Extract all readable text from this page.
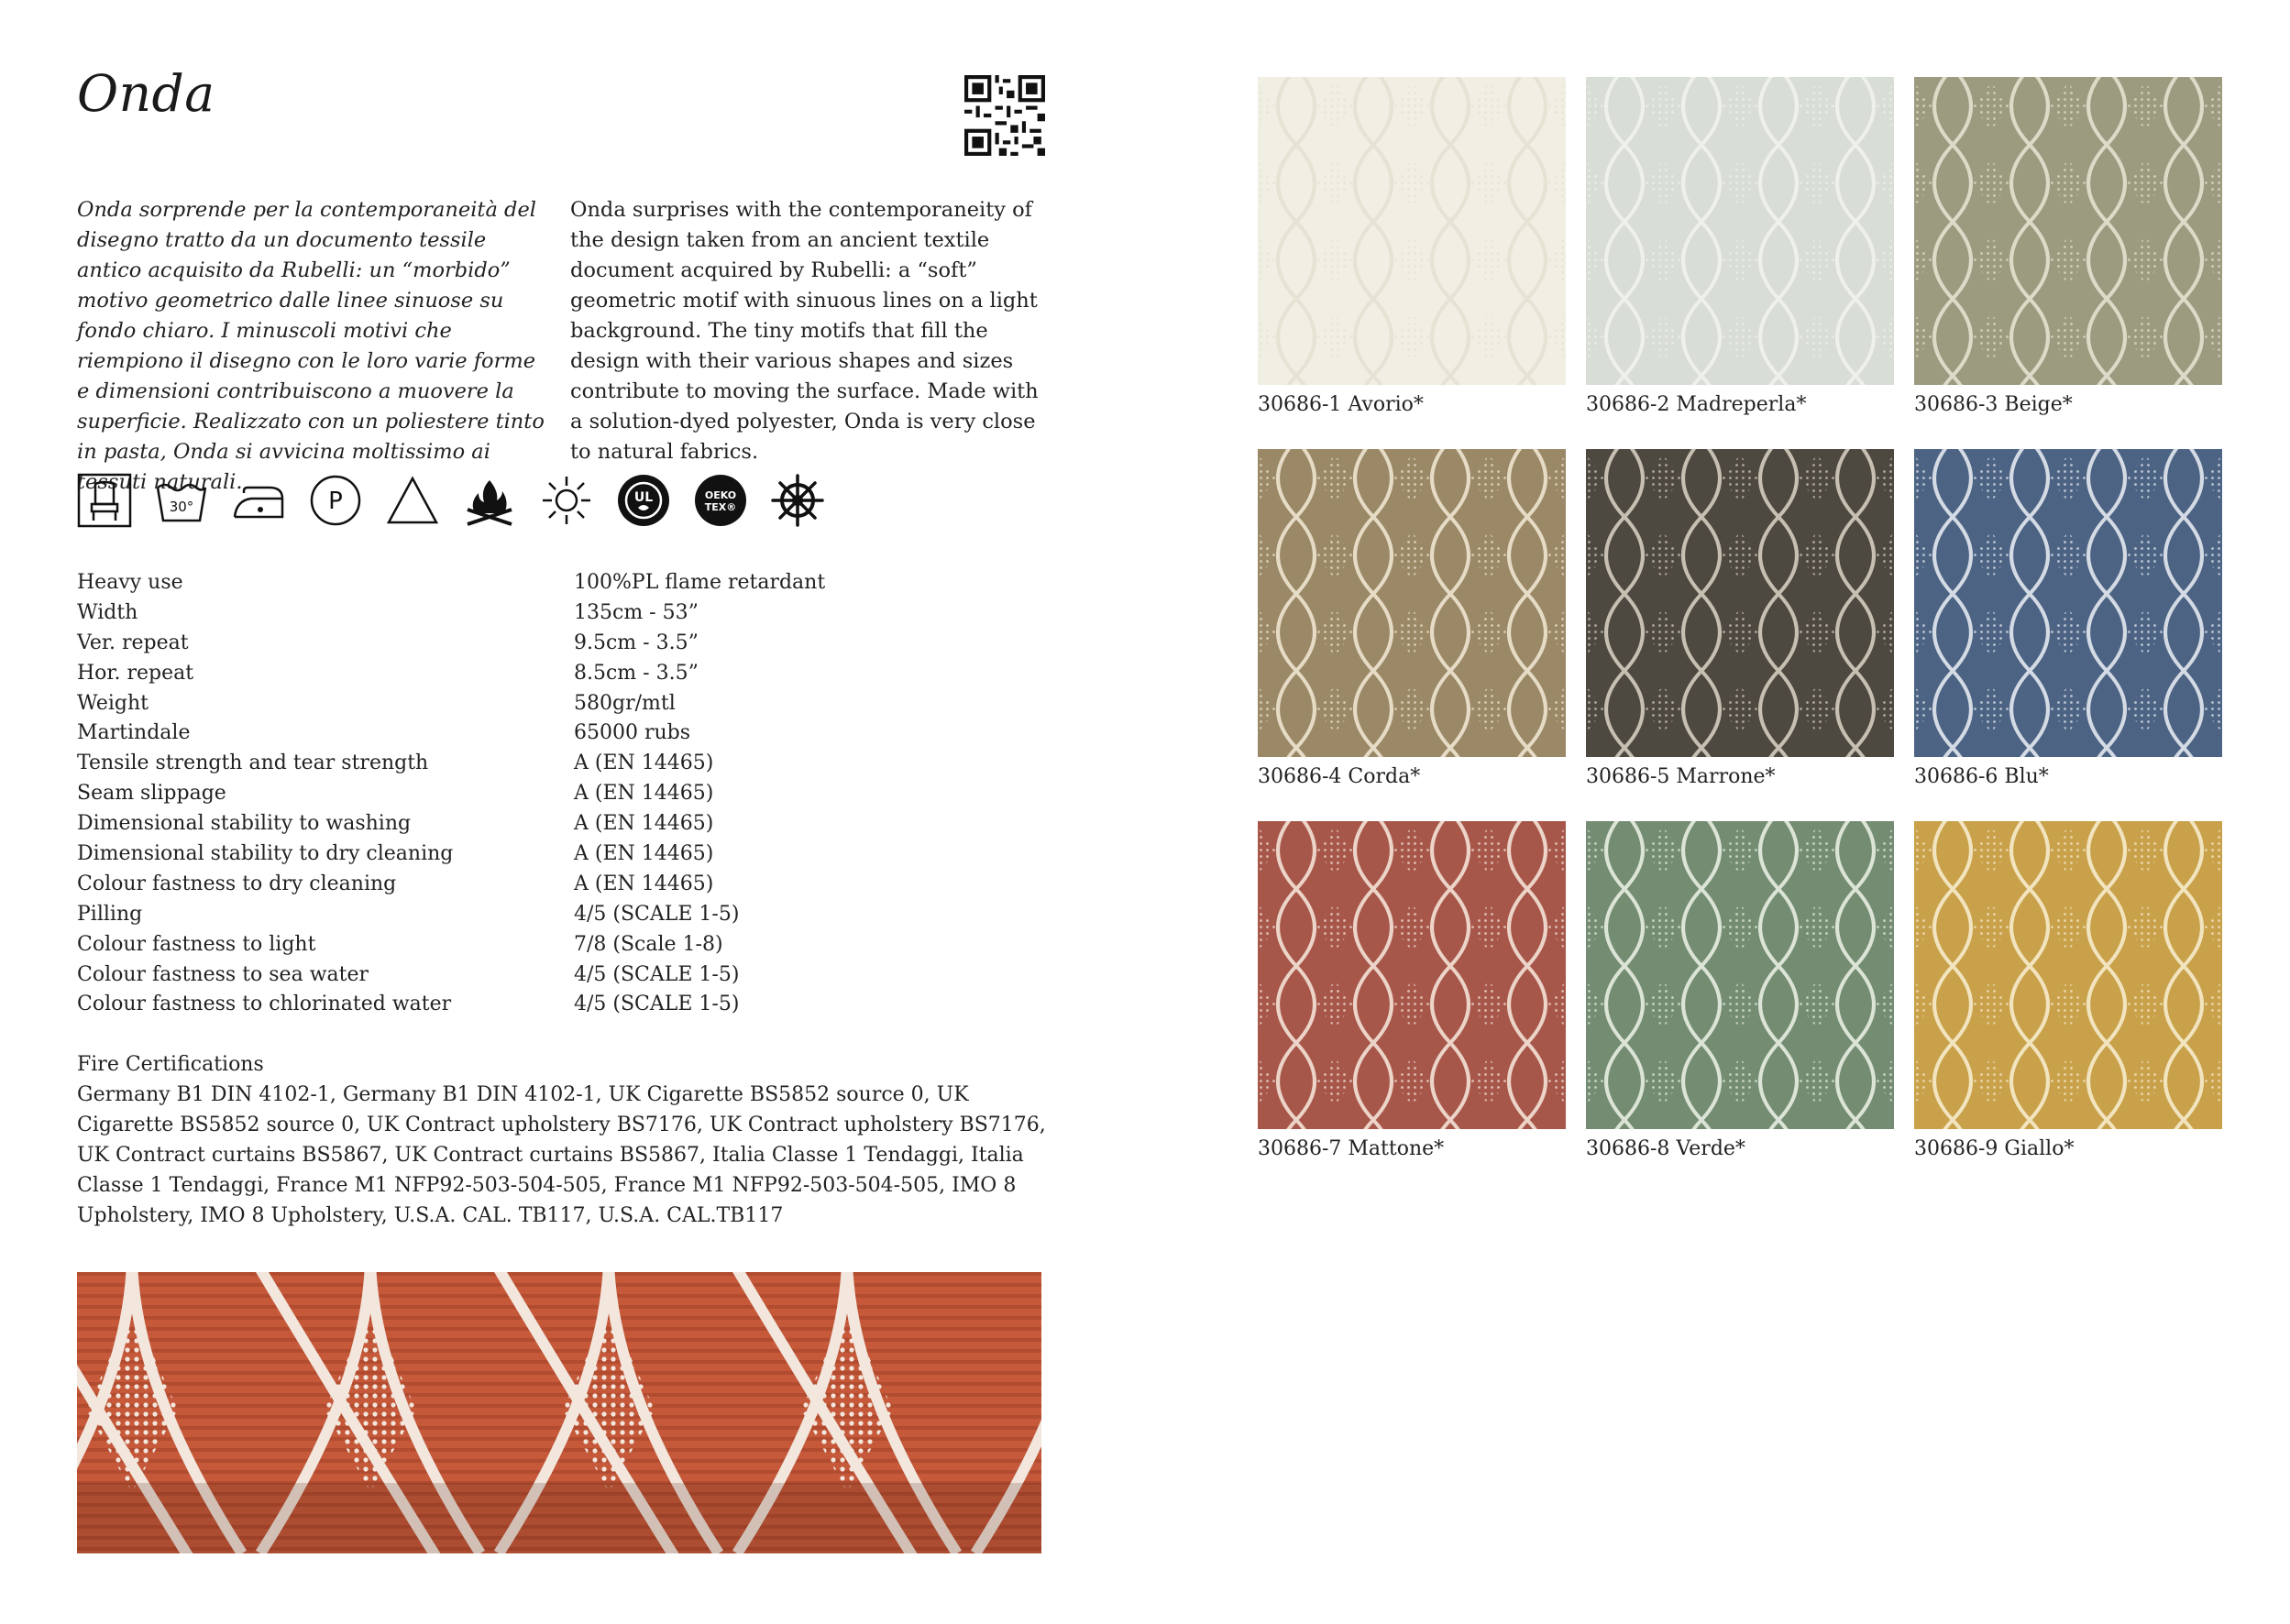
Onda
Onda sorprende per la contemporaneità del disegno tratto da un documento tessile antico acquisito da Rubelli: un “morbido” motivo geometrico dalle linee sinuose su fondo chiaro. I minuscoli motivi che riempiono il disegno con le loro varie forme e dimensioni contribuiscono a muovere la superficie. Realizzato con un poliestere tinto in pasta, Onda si avvicina moltissimo ai tessuti naturali.
Onda surprises with the contemporaneity of the design taken from an ancient textile document acquired by Rubelli: a “soft” geometric motif with sinuous lines on a light background. The tiny motifs that fill the design with their various shapes and sizes contribute to moving the surface. Made with a solution-dyed polyester, Onda is very close to natural fabrics.
30°	P	UL	OEKO
TEX®
Heavy use	100%PL flame retardant
Width	135cm - 53”
Ver. repeat	9.5cm - 3.5”
Hor. repeat	8.5cm - 3.5”
Weight	580gr/mtl
Martindale	65000 rubs
Tensile strength and tear strength	A (EN 14465)
Seam slippage	A (EN 14465)
Dimensional stability to washing	A (EN 14465)
Dimensional stability to dry cleaning	A (EN 14465)
Colour fastness to dry cleaning	A (EN 14465)
Pilling	4/5 (SCALE 1-5)
Colour fastness to light	7/8 (Scale 1-8)
Colour fastness to sea water	4/5 (SCALE 1-5)
Colour fastness to chlorinated water	4/5 (SCALE 1-5)
Fire Certifications
Germany B1 DIN 4102-1, Germany B1 DIN 4102-1, UK Cigarette BS5852 source 0, UK Cigarette BS5852 source 0, UK Contract upholstery BS7176, UK Contract upholstery BS7176, UK Contract curtains BS5867, UK Contract curtains BS5867, Italia Classe 1 Tendaggi, Italia Classe 1 Tendaggi, France M1 NFP92-503-504-505, France M1 NFP92-503-504-505, IMO 8 Upholstery, IMO 8 Upholstery, U.S.A. CAL. TB117, U.S.A. CAL.TB117
30686-1 Avorio*	30686-2 Madreperla*	30686-3 Beige*
30686-4 Corda*	30686-5 Marrone*	30686-6 Blu*
30686-7 Mattone*	30686-8 Verde*	30686-9 Giallo*
